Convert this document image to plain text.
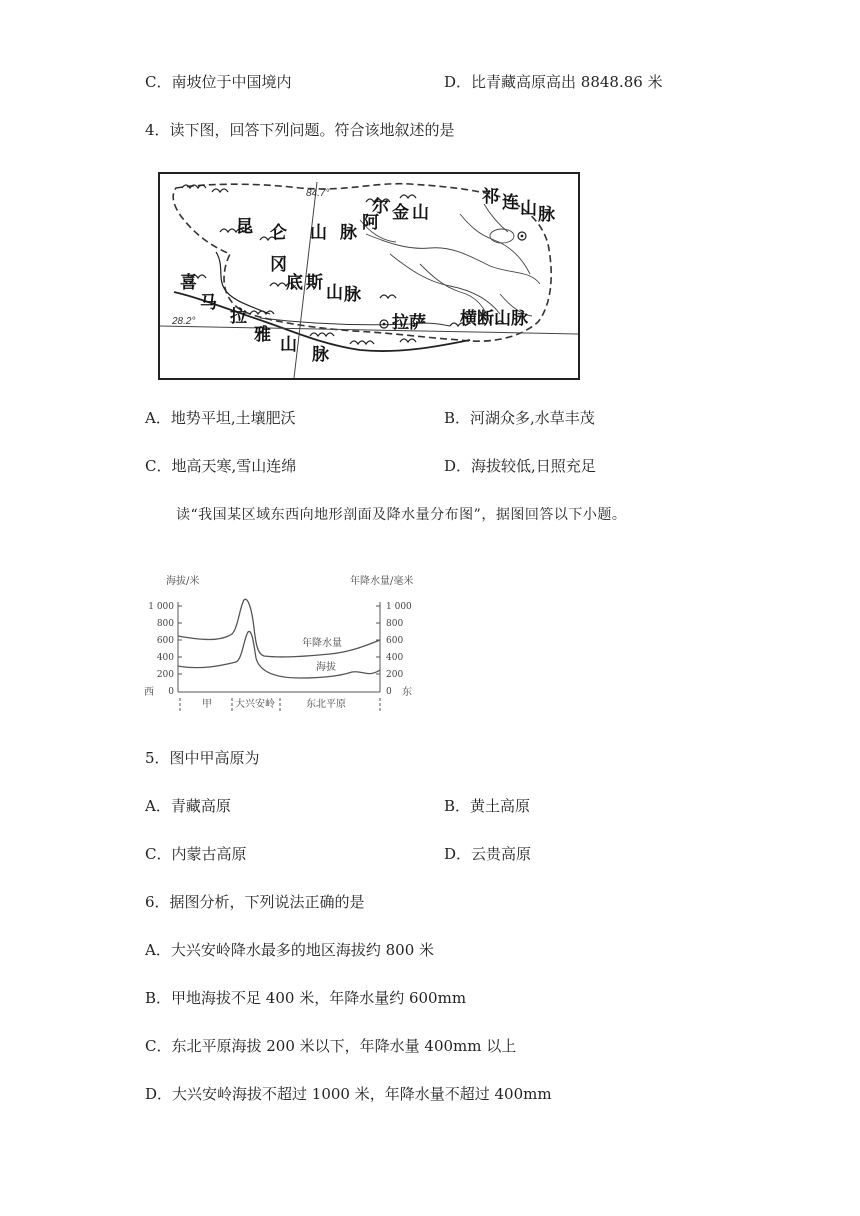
C．南坡位于中国境内	D．比青藏高原高出 8848.86 米
4．读下图，回答下列问题。符合该地叙述的是
84.7°
28.2°
祁 连 山 脉
阿
尔 金 山
昆 仑 山 脉
冈
底 斯 山 脉
喜
马
拉
雅 山 脉
拉萨 横断山脉
A．地势平坦,土壤肥沃	B．河湖众多,水草丰茂
C．地高天寒,雪山连绵	D．海拔较低,日照充足
读“我国某区域东西向地形剖面及降水量分布图”，据图回答以下小题。
海拔/米	年降水量/毫米
1 000
800
600
400
200
0
西
1 000
800
600
400
200
0 东
年降水量
海拔
甲 大兴安岭	东北平原
5．图中甲高原为
A．青藏高原	B．黄土高原
C．内蒙古高原	D．云贵高原
6．据图分析，下列说法正确的是
A．大兴安岭降水最多的地区海拔约 800 米
B．甲地海拔不足 400 米，年降水量约 600mm
C．东北平原海拔 200 米以下，年降水量 400mm 以上
D．大兴安岭海拔不超过 1000 米，年降水量不超过 400mm
